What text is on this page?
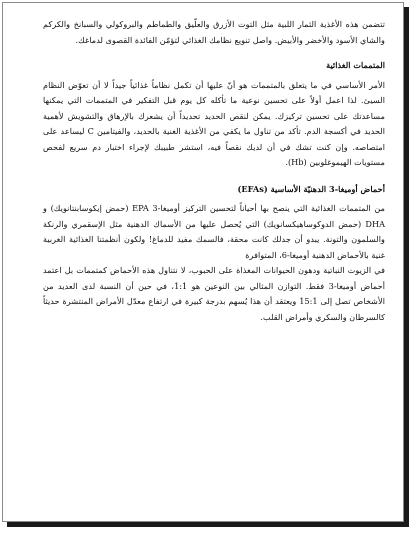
تتضمن هذه الأغذية الثمار اللبية مثل التوت الأزرق والعلّيق والطماطم والبروكولي والسبانخ والكركم والشاي الأسود والأخضر والأبيض. واصل تنويع نظامك الغذائي لتؤمّن الفائدة القصوى لدماغك.

المتممات الغذائية

الأمر الأساسي في ما يتعلق بالمتممات هو أنّ عليها أن تكمل نظاماً غذائياً جيداً لا أن تعوّض النظام السيئ. لذا اعمل أولاً على تحسين نوعية ما تأكله كل يوم قبل التفكير في المتممات التي يمكنها مساعدتك على تحسين تركيزك. يمكن لنقص الحديد تحديداً أن يشعرك بالإرهاق والتشويش لأهمية الحديد في أكسجة الدم. تأكد من تناول ما يكفي من الأغذية الغنية بالحديد، والفيتامين C ليساعد على امتصاصه. وإن كنت تشك في أن لديك نقصاً فيه، استشر طبيبك لإجراء اختبار دم سريع لفحص مستويات الهيموغلوبين (Hb).

أحماض أوميغا-3 الدهنيّة الأساسية (EFAs)

من المتممات الغذائية التي ينصح بها أحياناً لتحسين التركيز أوميغا-3 EPA (حمض إيكوسابنتانويك) و DHA (حمض الدوكوساهيكسانويك) التي يُحصل عليها من الأسماك الدهنية مثل الإسقمري والرنكة والسلمون والتونة. يبدو أن جدلك كانت محقة، فالسمك مفيد للدماغ! ولكون أنظمتنا الغذائية الغربية غنية بالأحماض الدهنية أوميغا-6، المتوافرة

في الزيوت النباتية ودهون الحيوانات المغذاة على الحبوب، لا نتناول هذه الأحماض كمتممات بل اعتمد أحماض أوميغا-3 فقط. التوازن المثالي بين النوعين هو 1:1، في حين أن النسبة لدى العديد من الأشخاص تصل إلى 15:1 ويعتقد أن هذا يُسهم بدرجة كبيرة في ارتفاع معدّل الأمراض المنتشرة حديثاً كالسرطان والسكري وأمراض القلب.
